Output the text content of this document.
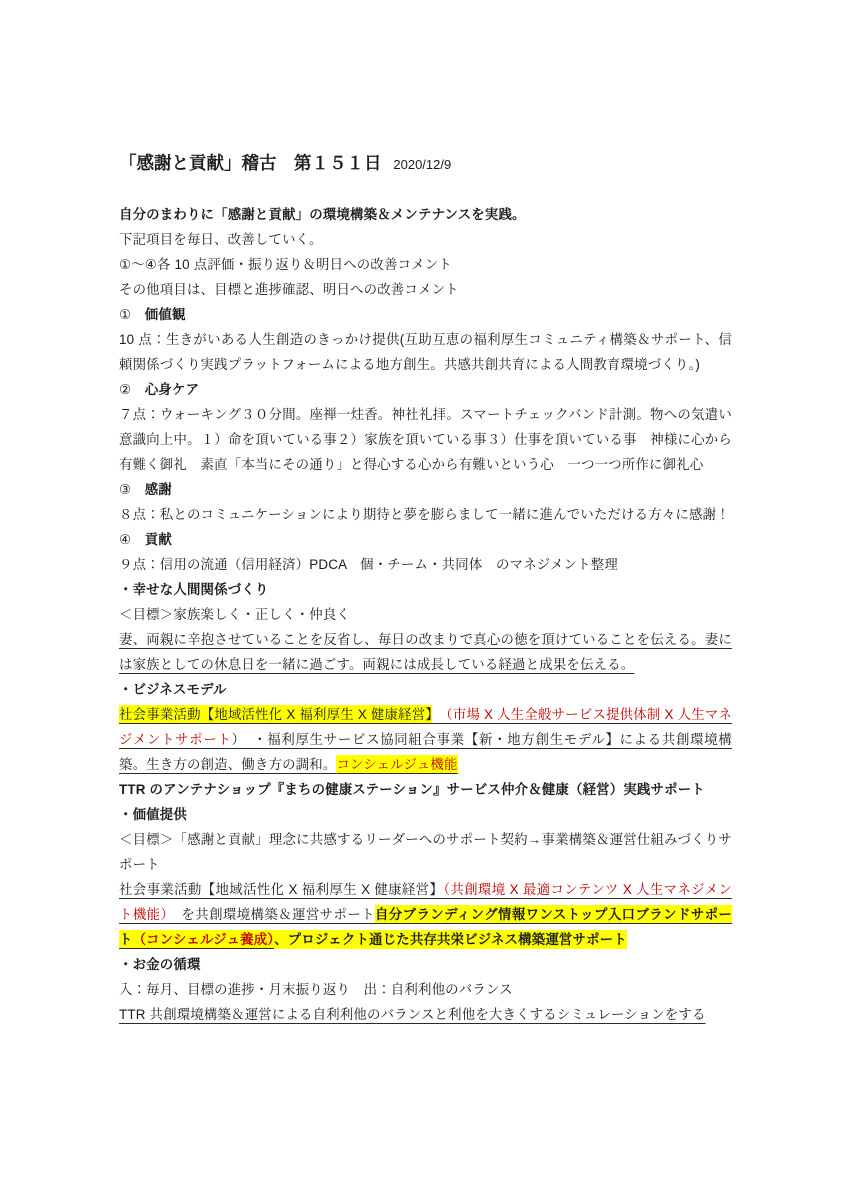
「感謝と貢献」稽古　第１５１日 2020/12/9

自分のまわりに「感謝と貢献」の環境構築＆メンテナンスを実践。

下記項目を毎日、改善していく。

①～④各 10 点評価・振り返り＆明日への改善コメント

その他項目は、目標と進捗確認、明日への改善コメント

①　価値観

10 点：生きがいある人生創造のきっかけ提供(互助互恵の福利厚生コミュニティ構築＆サポート、信頼関係づくり実践プラットフォームによる地方創生。共感共創共育による人間教育環境づくり。)

②　心身ケア

７点：ウォーキング３０分間。座禅一炷香。神社礼拝。スマートチェックバンド計測。物への気遣い意識向上中。１）命を頂いている事２）家族を頂いている事３）仕事を頂いている事　神様に心から有難く御礼　素直「本当にその通り」と得心する心から有難いという心　一つ一つ所作に御礼心

③　感謝

８点：私とのコミュニケーションにより期待と夢を膨らまして一緒に進んでいただける方々に感謝！

④　貢献

９点：信用の流通（信用経済）PDCA　個・チーム・共同体　のマネジメント整理

・幸せな人間関係づくり

＜目標＞家族楽しく・正しく・仲良く

妻、両親に辛抱させていることを反省し、毎日の改まりで真心の徳を頂けていることを伝える。妻には家族としての休息日を一緒に過ごす。両親には成長している経過と成果を伝える。

・ビジネスモデル

社会事業活動【地域活性化 X 福利厚生 X 健康経営】　 （市場 X 人生全般サービス提供体制 X 人生マネジメントサポート）　・福利厚生サービス協同組合事業【新・地方創生モデル】による共創環境構築。生き方の創造、働き方の調和。コンシェルジュ機能

TTR のアンテナショップ『まちの健康ステーション』サービス仲介＆健康（経営）実践サポート

・価値提供

＜目標＞「感謝と貢献」理念に共感するリーダーへのサポート契約→事業構築＆運営仕組みづくりサポート

社会事業活動【地域活性化 X 福利厚生 X 健康経営】（共創環境 X 最適コンテンツ X 人生マネジメント機能）　を共創環境構築＆運営サポート自分ブランディング情報ワンストップ入口ブランドサポート（コンシェルジュ養成）、プロジェクト通じた共存共栄ビジネス構築運営サポート

・お金の循環

入：毎月、目標の進捗・月末振り返り　出：自利利他のバランス

TTR 共創環境構築＆運営による自利利他のバランスと利他を大きくするシミュレーションをする
